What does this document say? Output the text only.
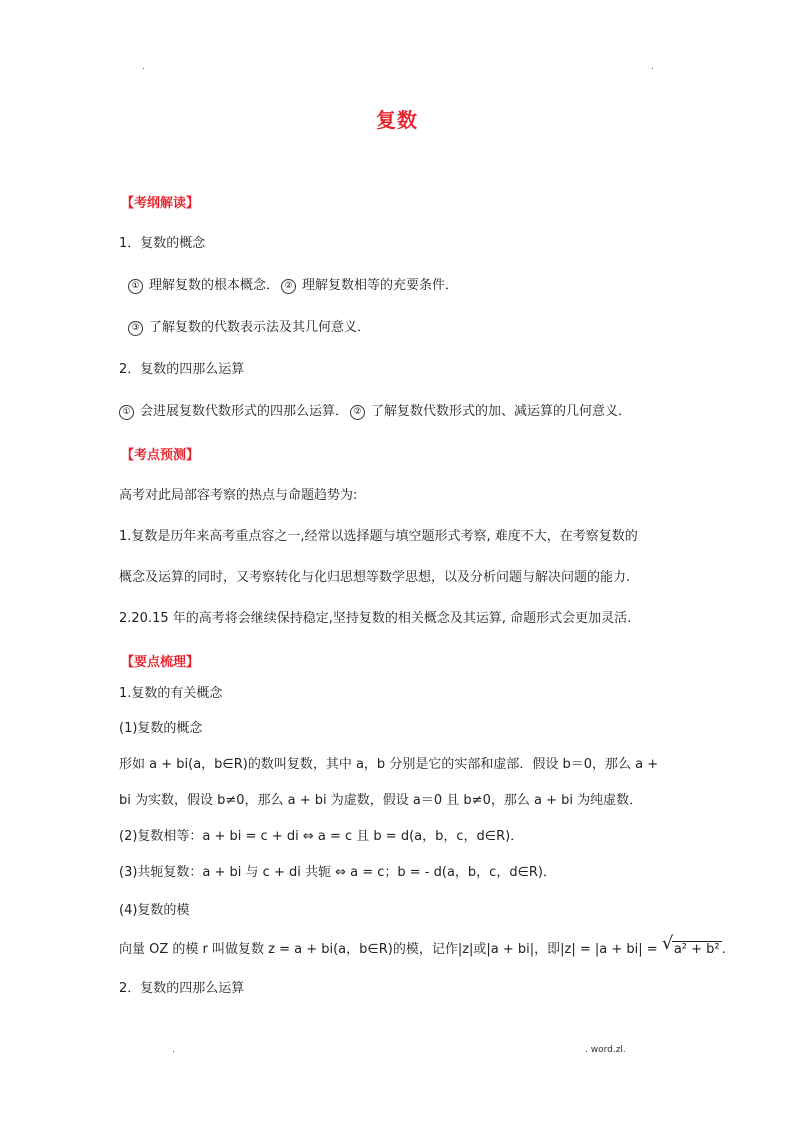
.	.
复数
【考纲解读】
1．复数的概念
① 理解复数的根本概念． ② 理解复数相等的充要条件．
③ 了解复数的代数表示法及其几何意义．
2．复数的四那么运算
① 会进展复数代数形式的四那么运算． ② 了解复数代数形式的加、减运算的几何意义．
【考点预测】
高考对此局部容考察的热点与命题趋势为:
1.复数是历年来高考重点容之一,经常以选择题与填空题形式考察, 难度不大，在考察复数的
概念及运算的同时，又考察转化与化归思想等数学思想，以及分析问题与解决问题的能力.
2.20.15 年的高考将会继续保持稳定,坚持复数的相关概念及其运算, 命题形式会更加灵活.
【要点梳理】
1.复数的有关概念
(1)复数的概念
形如 a + bi(a，b∈R)的数叫复数，其中 a，b 分别是它的实部和虚部．假设 b＝0，那么 a +
bi 为实数，假设 b≠0，那么 a + bi 为虚数，假设 a＝0 且 b≠0，那么 a + bi 为纯虚数．
(2)复数相等：a + bi = c + di ⇔ a = c 且 b = d(a，b，c，d∈R)．
(3)共轭复数：a + bi 与 c + di 共轭 ⇔ a = c；b = - d(a，b，c，d∈R)．
(4)复数的模
向量 OZ 的模 r 叫做复数 z = a + bi(a，b∈R)的模，记作|z|或|a + bi|，即|z| = |a + bi| = √ a² + b² .
2．复数的四那么运算
.	. word.zl.
